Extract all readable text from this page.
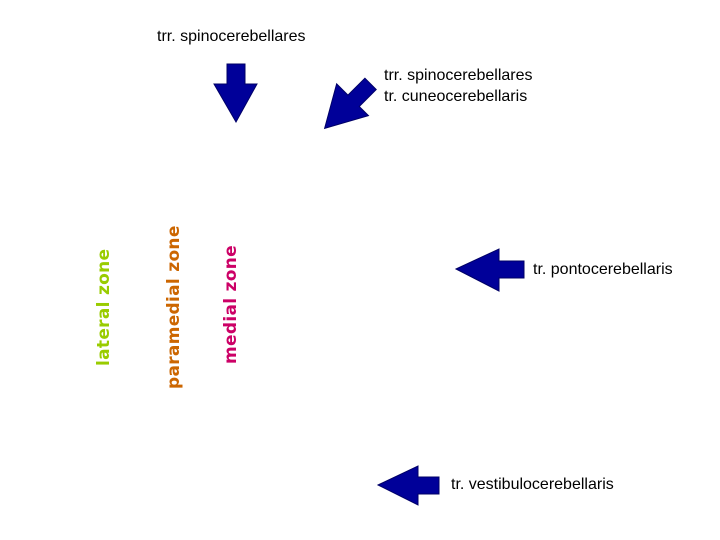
trr. spinocerebellares
trr. spinocerebellares
tr. cuneocerebellaris
tr. pontocerebellaris
tr. vestibulocerebellaris
lateral zone	paramedial zone medial zone
